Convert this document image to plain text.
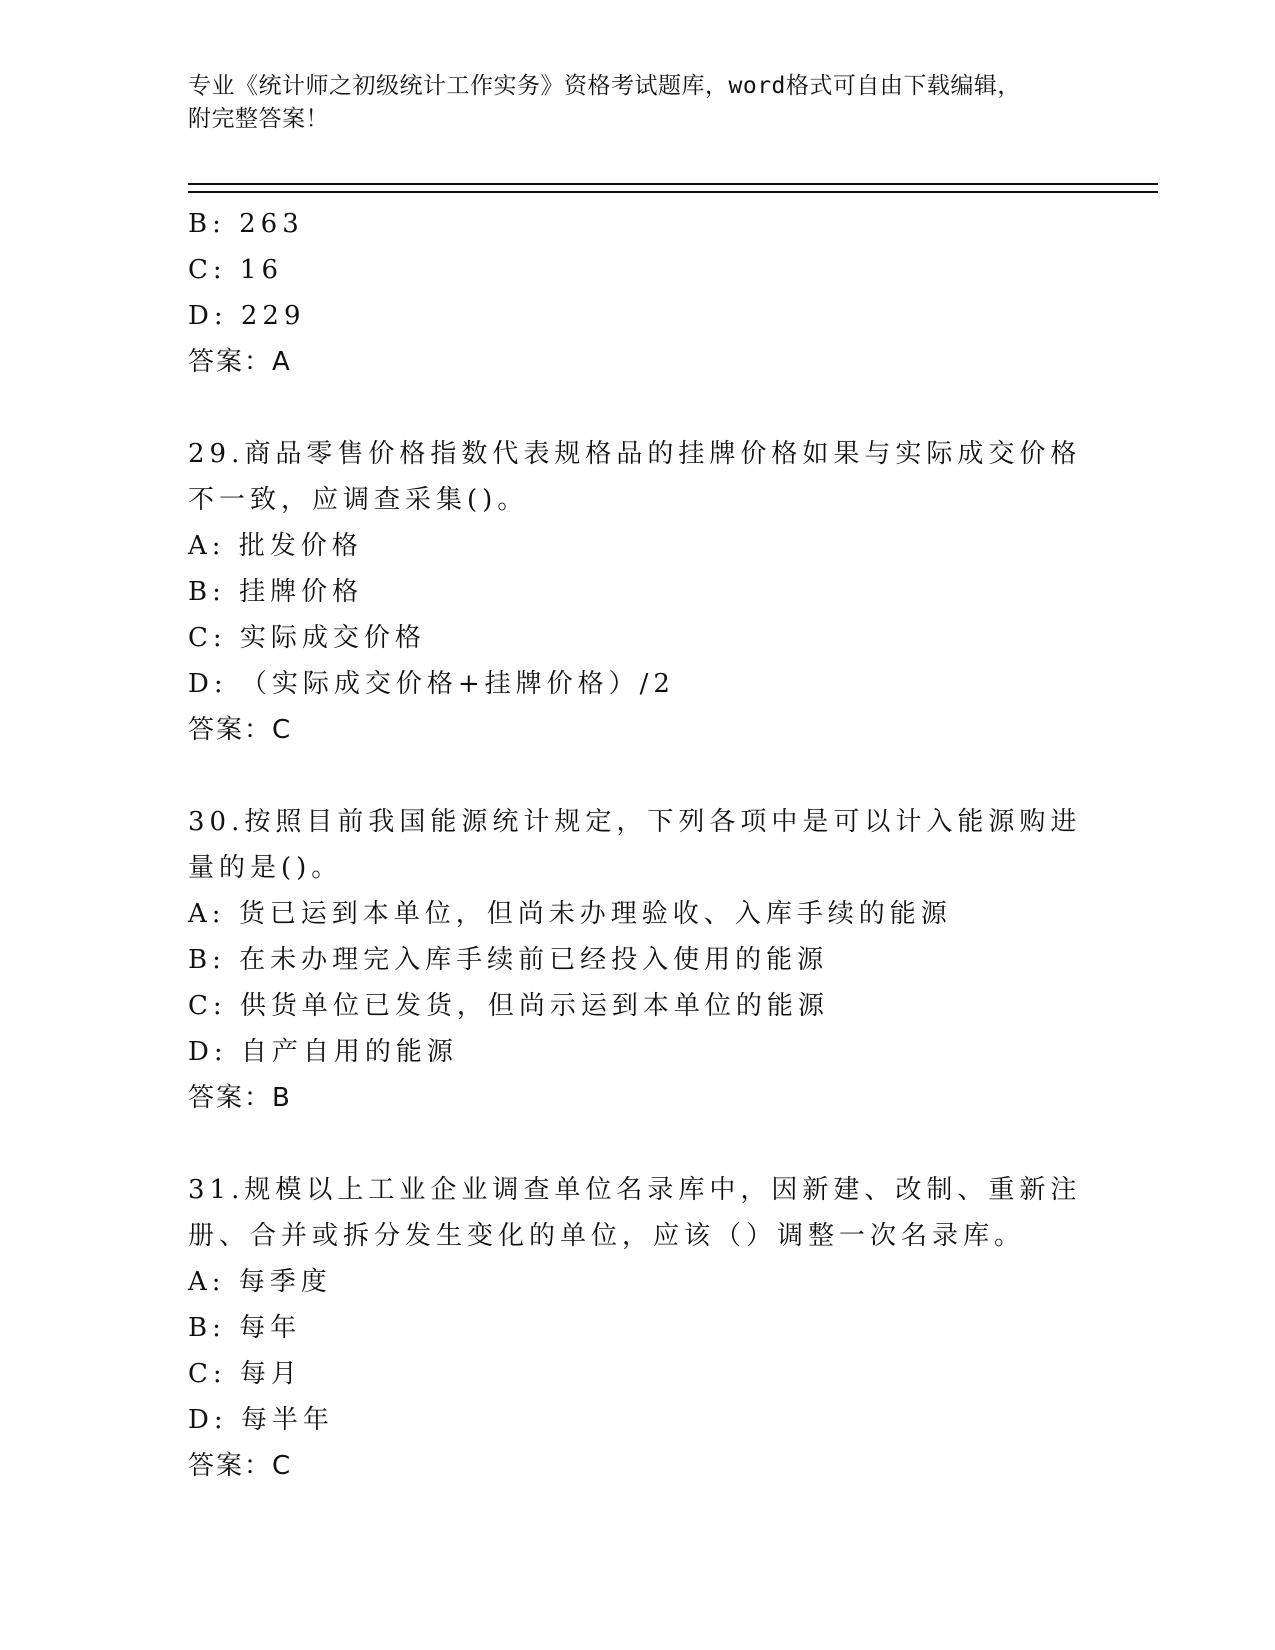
专业《统计师之初级统计工作实务》资格考试题库，word格式可自由下载编辑，
附完整答案！
B: 263
C: 16
D: 229
答案：A
29.商品零售价格指数代表规格品的挂牌价格如果与实际成交价格不一致，应调查采集()。
A: 批发价格
B: 挂牌价格
C: 实际成交价格
D: （实际成交价格+挂牌价格）/2
答案：C
30.按照目前我国能源统计规定，下列各项中是可以计入能源购进量的是()。
A: 货已运到本单位，但尚未办理验收、入库手续的能源
B: 在未办理完入库手续前已经投入使用的能源
C: 供货单位已发货，但尚示运到本单位的能源
D: 自产自用的能源
答案：B
31.规模以上工业企业调查单位名录库中，因新建、改制、重新注册、合并或拆分发生变化的单位，应该（）调整一次名录库。
A: 每季度
B: 每年
C: 每月
D: 每半年
答案：C
